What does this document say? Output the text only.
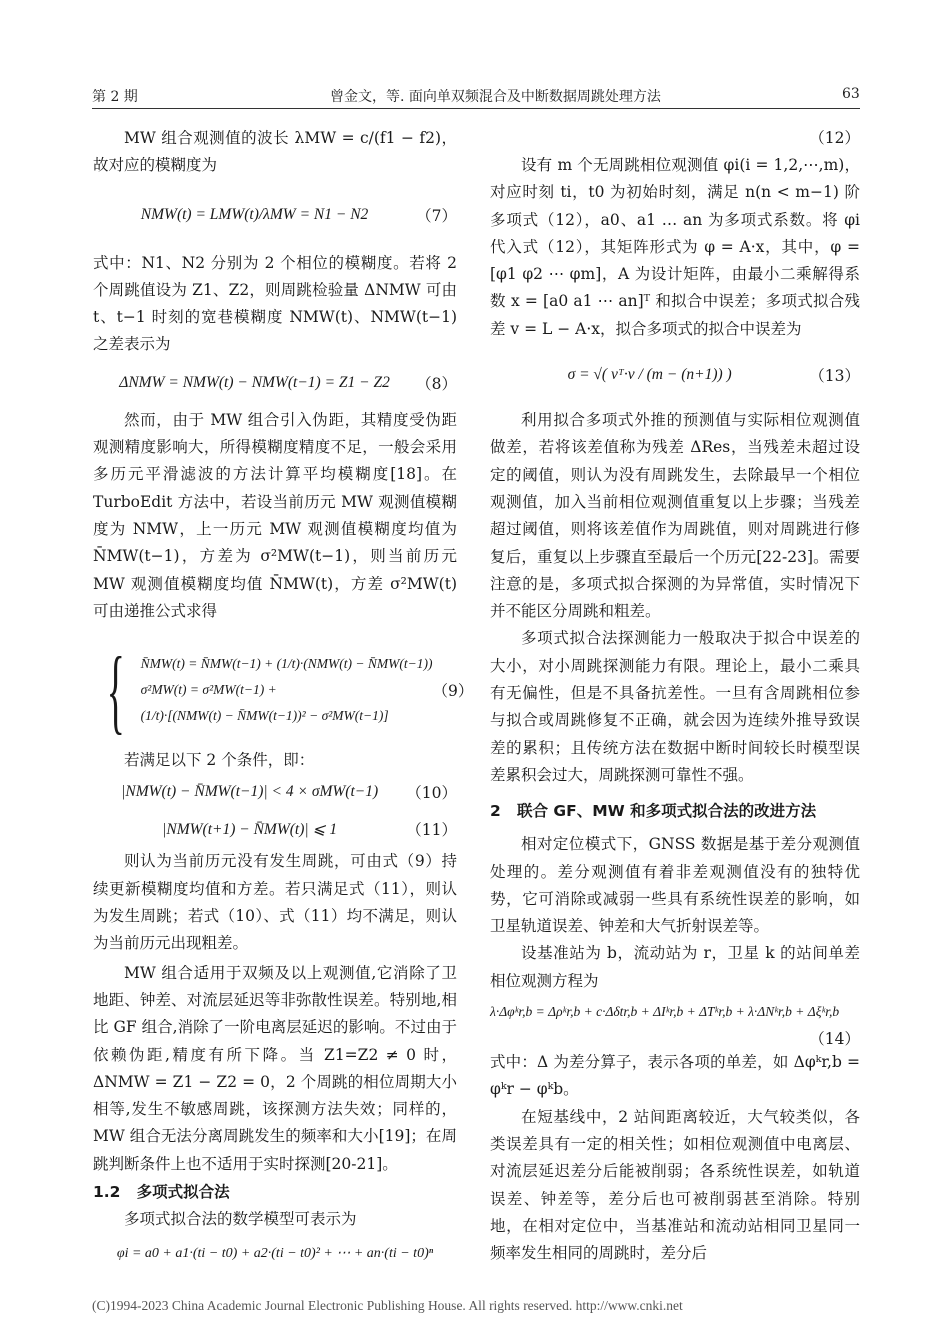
第 2 期	曾金文，等. 面向单双频混合及中断数据周跳处理方法	63

MW 组合观测值的波长 λMW = c/(f1 − f2)，故对应的模糊度为

NMW(t) = LMW(t)/λMW = N1 − N2	（7）

式中：N1、N2 分别为 2 个相位的模糊度。若将 2 个周跳值设为 Z1、Z2，则周跳检验量 ΔNMW 可由 t、t−1 时刻的宽巷模糊度 NMW(t)、NMW(t−1) 之差表示为

ΔNMW = NMW(t) − NMW(t−1) = Z1 − Z2	（8）

然而，由于 MW 组合引入伪距，其精度受伪距观测精度影响大，所得模糊度精度不足，一般会采用多历元平滑滤波的方法计算平均模糊度[18]。在 TurboEdit 方法中，若设当前历元 MW 观测值模糊度为 NMW，上一历元 MW 观测值模糊度均值为 N̄MW(t−1)，方差为 σ²MW(t−1)，则当前历元 MW 观测值模糊度均值 N̄MW(t)，方差 σ²MW(t) 可由递推公式求得

{ N̄MW(t) = N̄MW(t−1) + (1/t)·(NMW(t) − N̄MW(t−1))
σ²MW(t) = σ²MW(t−1) +
(1/t)·[(NMW(t) − N̄MW(t−1))² − σ²MW(t−1)]
（9）

若满足以下 2 个条件，即：

|NMW(t) − N̄MW(t−1)| < 4 × σMW(t−1)	（10）
|NMW(t+1) − N̄MW(t)| ⩽ 1	（11）

则认为当前历元没有发生周跳，可由式（9）持续更新模糊度均值和方差。若只满足式（11），则认为发生周跳；若式（10）、式（11）均不满足，则认为当前历元出现粗差。

MW 组合适用于双频及以上观测值,它消除了卫地距、钟差、对流层延迟等非弥散性误差。特别地,相比 GF 组合,消除了一阶电离层延迟的影响。不过由于依赖伪距,精度有所下降。当 Z1=Z2 ≠ 0 时，ΔNMW = Z1 − Z2 = 0，2 个周跳的相位周期大小相等,发生不敏感周跳，该探测方法失效；同样的，MW 组合无法分离周跳发生的频率和大小[19]；在周跳判断条件上也不适用于实时探测[20-21]。

1.2 多项式拟合法

多项式拟合法的数学模型可表示为

φi = a0 + a1·(ti − t0) + a2·(ti − t0)² + ⋯ + an·(ti − t0)ⁿ
（12）

设有 m 个无周跳相位观测值 φi(i = 1,2,⋯,m)，对应时刻 ti，t0 为初始时刻，满足 n(n < m−1) 阶多项式（12），a0、a1 … an 为多项式系数。将 φi 代入式（12），其矩阵形式为 φ = A·x，其中，φ = [φ1 φ2 ⋯ φm]，A 为设计矩阵，由最小二乘解得系数 x = [a0 a1 ⋯ an]ᵀ 和拟合中误差；多项式拟合残差 v = L − A·x，拟合多项式的拟合中误差为

σ = √( vᵀ·v / (m − (n+1)) )	（13）

利用拟合多项式外推的预测值与实际相位观测值做差，若将该差值称为残差 ΔRes，当残差未超过设定的阈值，则认为没有周跳发生，去除最早一个相位观测值，加入当前相位观测值重复以上步骤；当残差超过阈值，则将该差值作为周跳值，则对周跳进行修复后，重复以上步骤直至最后一个历元[22-23]。需要注意的是，多项式拟合探测的为异常值，实时情况下并不能区分周跳和粗差。

多项式拟合法探测能力一般取决于拟合中误差的大小，对小周跳探测能力有限。理论上，最小二乘具有无偏性，但是不具备抗差性。一旦有含周跳相位参与拟合或周跳修复不正确，就会因为连续外推导致误差的累积；且传统方法在数据中断时间较长时模型误差累积会过大，周跳探测可靠性不强。

2 联合 GF、MW 和多项式拟合法的改进方法

相对定位模式下，GNSS 数据是基于差分观测值处理的。差分观测值有着非差观测值没有的独特优势，它可消除或减弱一些具有系统性误差的影响，如卫星轨道误差、钟差和大气折射误差等。

设基准站为 b，流动站为 r，卫星 k 的站间单差相位观测方程为

λ·Δφᵏr,b = Δρᵏr,b + c·Δδtr,b + ΔIᵏr,b + ΔTᵏr,b + λ·ΔNᵏr,b + Δξᵏr,b
（14）

式中：Δ 为差分算子，表示各项的单差，如 Δφᵏr,b = φᵏr − φᵏb。

在短基线中，2 站间距离较近，大气较类似，各类误差具有一定的相关性；如相位观测值中电离层、对流层延迟差分后能被削弱；各系统性误差，如轨道误差、钟差等，差分后也可被削弱甚至消除。特别地，在相对定位中，当基准站和流动站相同卫星同一频率发生相同的周跳时，差分后

(C)1994-2023 China Academic Journal Electronic Publishing House. All rights reserved. http://www.cnki.net
